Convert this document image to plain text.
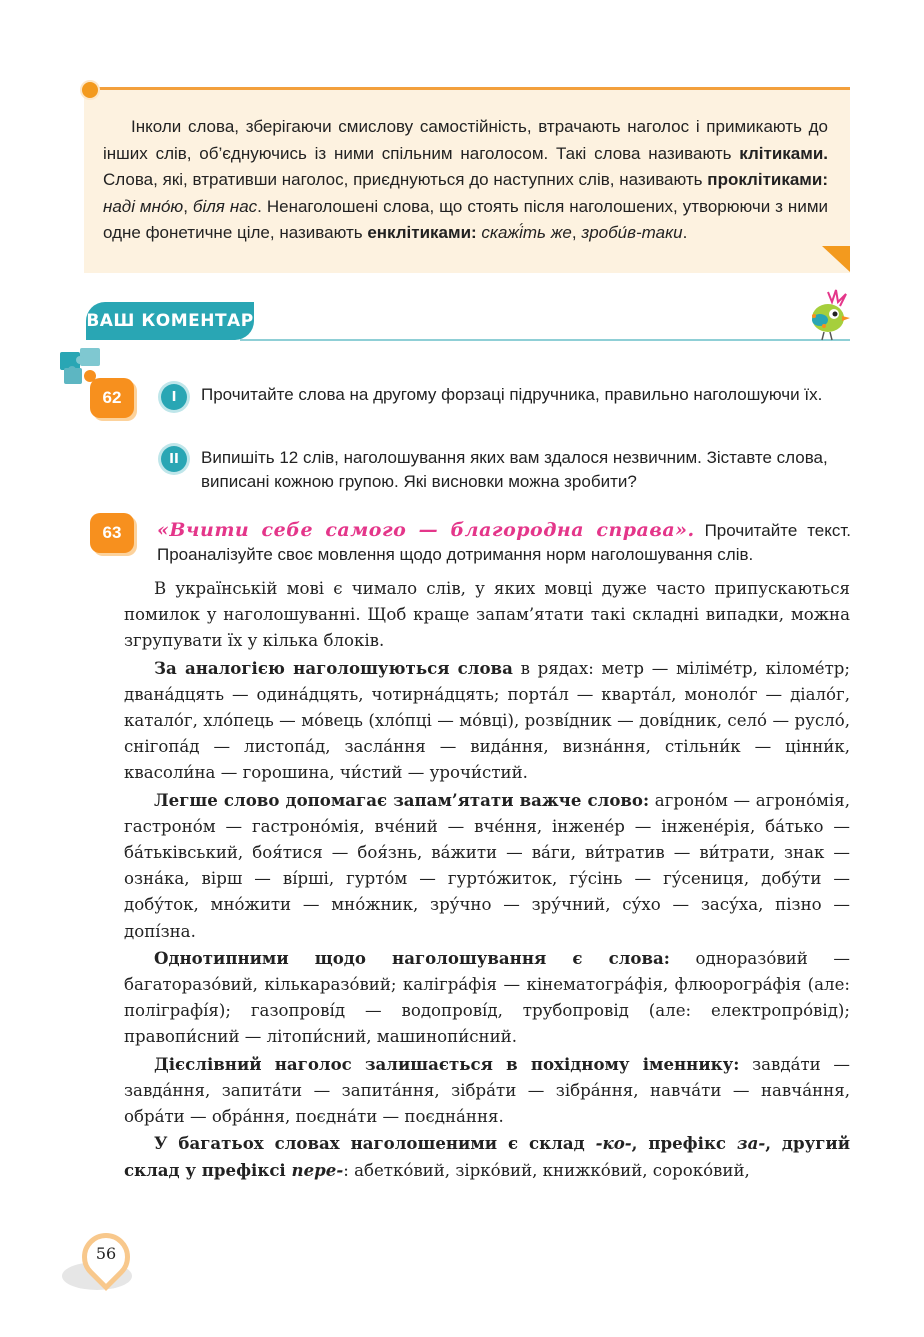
Інколи слова, зберігаючи смислову самостійність, втрачають наголос і примикають до інших слів, об’єднуючись із ними спільним наголосом. Такі слова називають клітиками. Слова, які, втративши наголос, приєднуються до наступних слів, називають проклітиками: наді мно́ю, біля нас. Ненаголошені слова, що стоять після наголошених, утворюючи з ними одне фонетичне ціле, називають енклітиками: скажі́ть же, зроби́в-таки.

ВАШ КОМЕНТАР
62	I Прочитайте слова на другому форзаці підручника, правильно наголошуючи їх.
II Випишіть 12 слів, наголошування яких вам здалося незвичним. Зіставте слова, виписані кожною групою. Які висновки можна зробити?
63 «Вчити себе самого — благородна справа». Прочитайте текст. Проаналізуйте своє мовлення щодо дотримання норм наголошування слів.

В українській мові є чимало слів, у яких мовці дуже часто припускаються помилок у наголошуванні. Щоб краще запам’ятати такі складні випадки, можна згрупувати їх у кілька блоків.

За аналогією наголошуються слова в рядах: метр — міліме́тр, кіломе́тр; двана́дцять — одина́дцять, чотирна́дцять; порта́л — кварта́л, моноло́г — діало́г, катало́г, хло́пець — мо́вець (хло́пці — мо́вці), розві́дник — дові́дник, село́ — русло́, снігопа́д — листопа́д, засла́ння — вида́ння, визна́ння, стільни́к — цінни́к, квасоли́на — горошина, чи́стий — урочи́стий.

Легше слово допомагає запам’ятати важче слово: агроно́м — агроно́мія, гастроно́м — гастроно́мія, вче́ний — вче́ння, інжене́р — інжене́рія, ба́тько — ба́тьківський, боя́тися — боя́знь, ва́жити — ва́ги, ви́тратив — ви́трати, знак — озна́ка, вірш — ві́рші, гурто́м — гурто́житок, гу́сінь — гу́сениця, добу́ти — добу́ток, мно́жити — мно́жник, зру́чно — зру́чний, су́хо — засу́ха, пізно — допі́зна.

Однотипними щодо наголошування є слова: одноразо́вий — багаторазо́вий, кількаразо́вий; калігра́фія — кінематогра́фія, флюорогра́фія (але: поліграфі́я); газопрові́д — водопрові́д, трубопровід (але: електропро́від); правопи́сний — літопи́сний, машинопи́сний.

Дієслівний наголос залишається в похідному іменнику: завда́ти — завда́ння, запита́ти — запита́ння, зібра́ти — зібра́ння, навча́ти — навча́ння, обра́ти — обра́ння, поєдна́ти — поєдна́ння.

У багатьох словах наголошеними є склад -ко-, префікс за-, другий склад у префіксі пере-: абетко́вий, зірко́вий, книжко́вий, сороко́вий,

56
